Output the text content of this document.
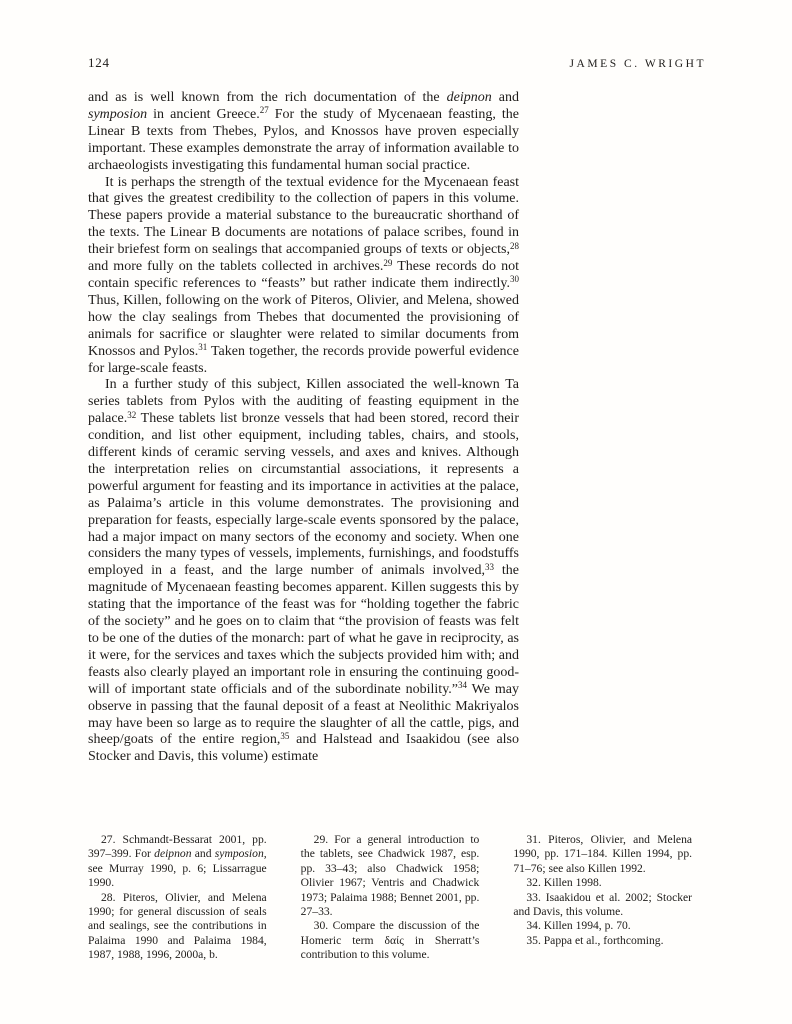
124	JAMES C. WRIGHT

and as is well known from the rich documentation of the deipnon and symposion in ancient Greece.$^{27}$ For the study of Mycenaean feasting, the Linear B texts from Thebes, Pylos, and Knossos have proven especially important. These examples demonstrate the array of information available to archaeologists investigating this fundamental human social practice.

It is perhaps the strength of the textual evidence for the Mycenaean feast that gives the greatest credibility to the collection of papers in this volume. These papers provide a material substance to the bureaucratic shorthand of the texts. The Linear B documents are notations of palace scribes, found in their briefest form on sealings that accompanied groups of texts or objects,$^{28}$ and more fully on the tablets collected in archives.$^{29}$ These records do not contain specific references to “feasts” but rather indicate them indirectly.$^{30}$ Thus, Killen, following on the work of Piteros, Olivier, and Melena, showed how the clay sealings from Thebes that documented the provisioning of animals for sacrifice or slaughter were related to similar documents from Knossos and Pylos.$^{31}$ Taken together, the records provide powerful evidence for large-scale feasts.

In a further study of this subject, Killen associated the well-known Ta series tablets from Pylos with the auditing of feasting equipment in the palace.$^{32}$ These tablets list bronze vessels that had been stored, record their condition, and list other equipment, including tables, chairs, and stools, different kinds of ceramic serving vessels, and axes and knives. Although the interpretation relies on circumstantial associations, it represents a powerful argument for feasting and its importance in activities at the palace, as Palaima’s article in this volume demonstrates. The provisioning and preparation for feasts, especially large-scale events sponsored by the palace, had a major impact on many sectors of the economy and society. When one considers the many types of vessels, implements, furnishings, and foodstuffs employed in a feast, and the large number of animals involved,$^{33}$ the magnitude of Mycenaean feasting becomes apparent. Killen suggests this by stating that the importance of the feast was for “holding together the fabric of the society” and he goes on to claim that “the provision of feasts was felt to be one of the duties of the monarch: part of what he gave in reciprocity, as it were, for the services and taxes which the subjects provided him with; and feasts also clearly played an important role in ensuring the continuing good-will of important state officials and of the subordinate nobility.”$^{34}$ We may observe in passing that the faunal deposit of a feast at Neolithic Makriyalos may have been so large as to require the slaughter of all the cattle, pigs, and sheep/goats of the entire region,$^{35}$ and Halstead and Isaakidou (see also Stocker and Davis, this volume) estimate

27. Schmandt-Bessarat 2001, pp. 397–399. For deipnon and symposion, see Murray 1990, p. 6; Lissarrague 1990.

28. Piteros, Olivier, and Melena 1990; for general discussion of seals and sealings, see the contributions in Palaima 1990 and Palaima 1984, 1987, 1988, 1996, 2000a, b.

29. For a general introduction to the tablets, see Chadwick 1987, esp. pp. 33–43; also Chadwick 1958; Olivier 1967; Ventris and Chadwick 1973; Palaima 1988; Bennet 2001, pp. 27–33.

30. Compare the discussion of the Homeric term δαίς in Sherratt’s contribution to this volume.

31. Piteros, Olivier, and Melena 1990, pp. 171–184. Killen 1994, pp. 71–76; see also Killen 1992.

32. Killen 1998.

33. Isaakidou et al. 2002; Stocker and Davis, this volume.

34. Killen 1994, p. 70.

35. Pappa et al., forthcoming.
